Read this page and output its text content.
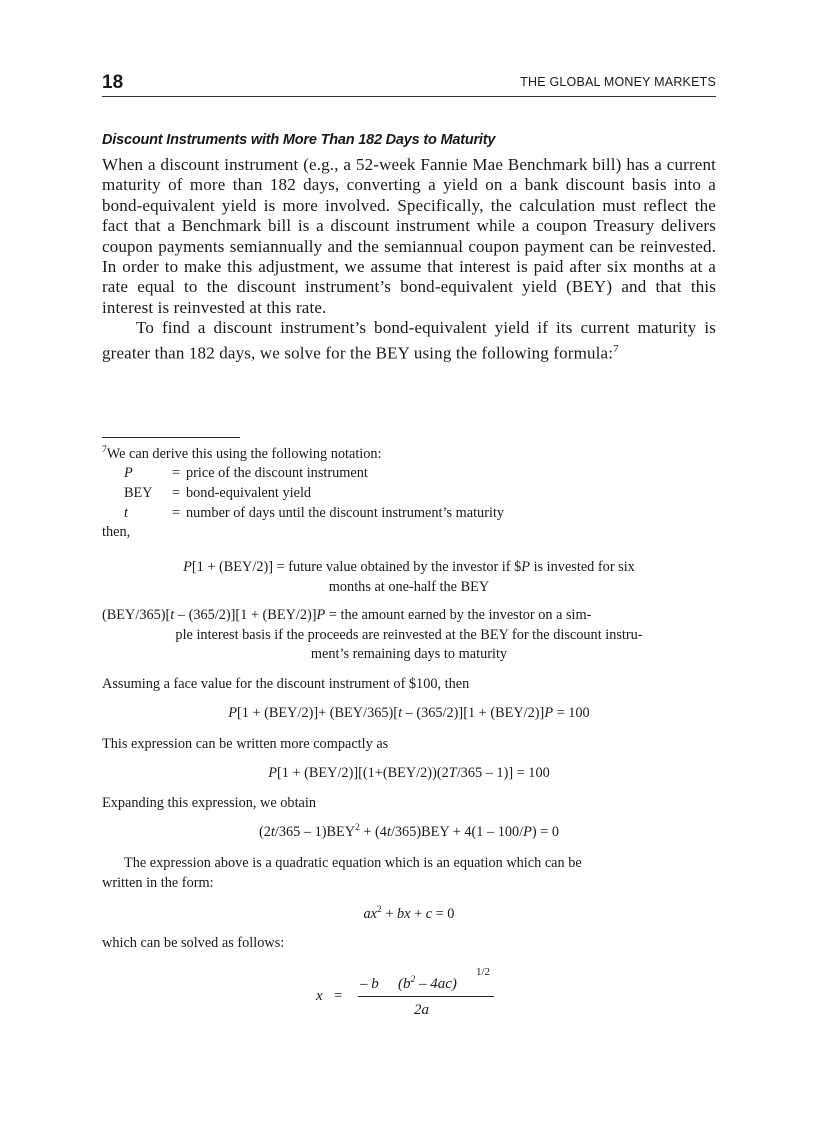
18	THE GLOBAL MONEY MARKETS
Discount Instruments with More Than 182 Days to Maturity

When a discount instrument (e.g., a 52-week Fannie Mae Benchmark bill) has a current maturity of more than 182 days, converting a yield on a bank discount basis into a bond-equivalent yield is more involved. Specifically, the calculation must reflect the fact that a Benchmark bill is a discount instrument while a coupon Treasury delivers coupon payments semiannually and the semiannual coupon payment can be reinvested. In order to make this adjustment, we assume that interest is paid after six months at a rate equal to the discount instrument’s bond-equivalent yield (BEY) and that this interest is reinvested at this rate.

To find a discount instrument’s bond-equivalent yield if its current maturity is greater than 182 days, we solve for the BEY using the following formula:$^7$

$^7$We can derive this using the following notation:
P	= price of the discount instrument
BEY = bond-equivalent yield
t	= number of days until the discount instrument’s maturity
then,
P[1 + (BEY/2)] = future value obtained by the investor if $P is invested for six
months at one-half the BEY
(BEY/365)[t – (365/2)][1 + (BEY/2)]P = the amount earned by the investor on a sim-
ple interest basis if the proceeds are reinvested at the BEY for the discount instru-
ment’s remaining days to maturity
Assuming a face value for the discount instrument of $100, then
P[1 + (BEY/2)]+ (BEY/365)[t – (365/2)][1 + (BEY/2)]P = 100
This expression can be written more compactly as
P[1 + (BEY/2)][(1+(BEY/2))(2T/365 – 1)] = 100
Expanding this expression, we obtain
$(2t/365 - 1)BEY^2 + (4t/365)BEY + 4(1 - 100/P) = 0$
The expression above is a quadratic equation which is an equation which can be
written in the form:
$ax^2$ + bx + c = 0
which can be solved as follows:
x =
– b $(b^2 - 4ac)$
1/2
2a
